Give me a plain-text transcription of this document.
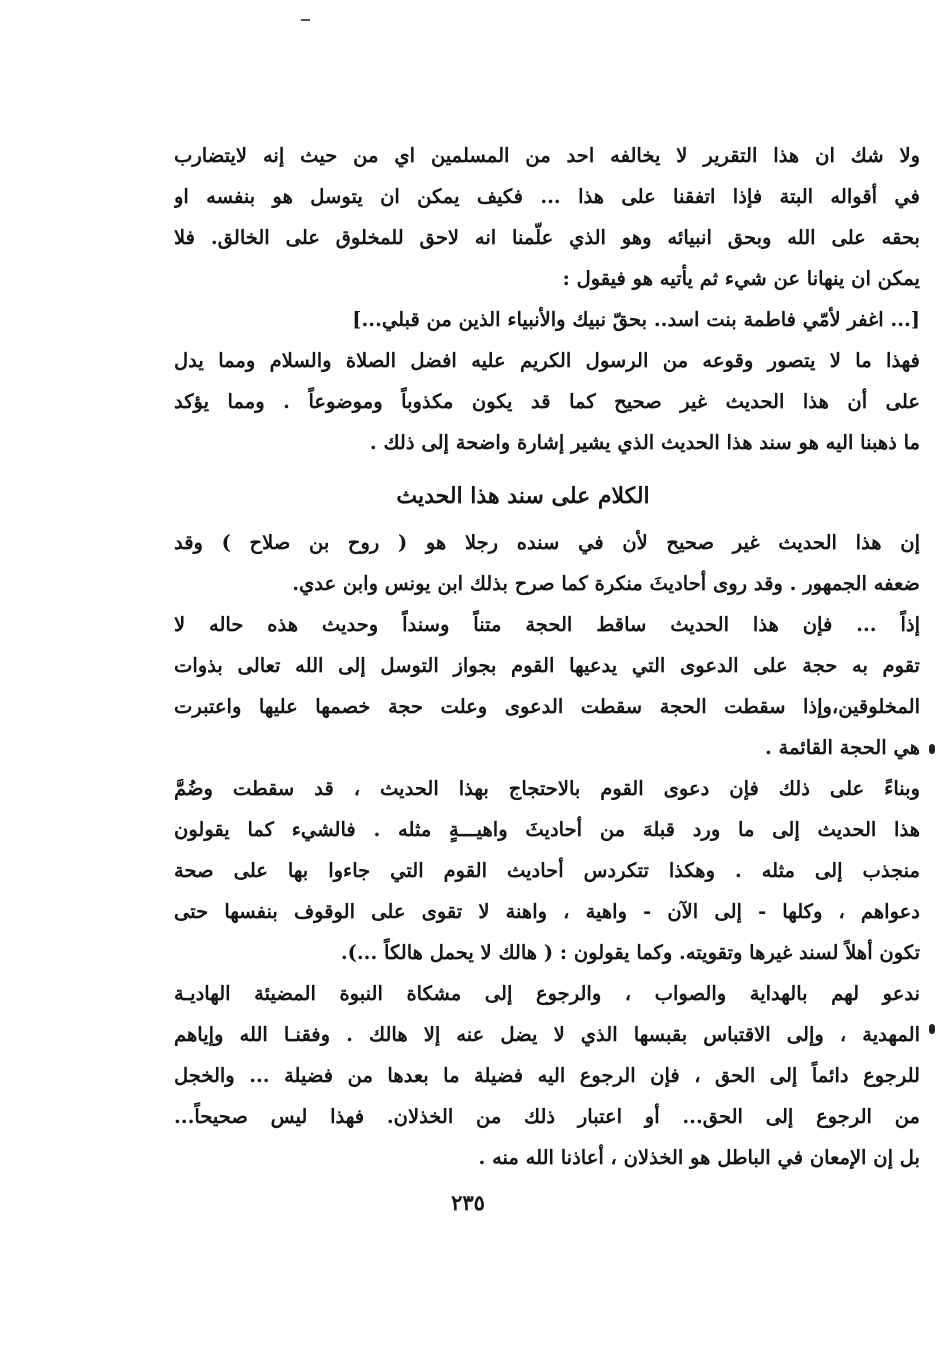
ولا شك ان هذا التقرير لا يخالفه احد من المسلمين اي من حيث إنه لايتضارب
في أقواله البتة فإذا اتفقنا على هذا ... فكيف يمكن ان يتوسل هو بنفسه او
بحقه على الله وبحق انبيائه وهو الذي علّمنا انه لاحق للمخلوق على الخالق. فلا
يمكن ان ينهانا عن شيء ثم يأتيه هو فيقول :
[... اغفر لأمّي فاطمة بنت اسد.. بحقّ نبيك والأنبياء الذين من قبلي...]
فهذا ما لا يتصور وقوعه من الرسول الكريم عليه افضل الصلاة والسلام ومما يدل
على أن هذا الحديث غير صحيح كما قد يكون مكذوباً وموضوعاً . ومما يؤكد
ما ذهبنا اليه هو سند هذا الحديث الذي يشير إشارة واضحة إلى ذلك .
الكلام على سند هذا الحديث
إن هذا الحديث غير صحيح لأن في سنده رجلا هو ( روح بن صلاح ) وقد
ضعفه الجمهور . وقد روى أحاديثَ منكرة كما صرح بذلك ابن يونس وابن عدي.
إذاً ... فإن هذا الحديث ساقط الحجة متناً وسنداً وحديث هذه حاله لا
تقوم به حجة على الدعوى التي يدعيها القوم بجواز التوسل إلى الله تعالى بذوات
المخلوقين،وإذا سقطت الحجة سقطت الدعوى وعلت حجة خصمها عليها واعتبرت
هي الحجة القائمة .
وبناءً على ذلك فإن دعوى القوم بالاحتجاج بهذا الحديث ، قد سقطت وضُمَّ
هذا الحديث إلى ما ورد قبلهَ من أحاديثَ واهيـــةٍ مثله . فالشيء كما يقولون
منجذب إلى مثله . وهكذا تتكردس أحاديث القوم التي جاءوا بها على صحة
دعواهم ، وكلها - إلى الآن - واهية ، واهنة لا تقوى على الوقوف بنفسها حتى
تكون أهلاً لسند غيرها وتقويته. وكما يقولون : ( هالك لا يحمل هالكاً ...).
ندعو لهم بالهداية والصواب ، والرجوع إلى مشكاة النبوة المضيئة الهاديـة
المهدية ، وإلى الاقتباس بقبسها الذي لا يضل عنه إلا هالك . وفقنـا الله وإياهم
للرجوع دائماً إلى الحق ، فإن الرجوع اليه فضيلة ما بعدها من فضيلة ... والخجل
من الرجوع إلى الحق... أو اعتبار ذلك من الخذلان. فهذا ليس صحيحاً...
بل إن الإمعان في الباطل هو الخذلان ، أعاذنا الله منه .
٢٣٥
